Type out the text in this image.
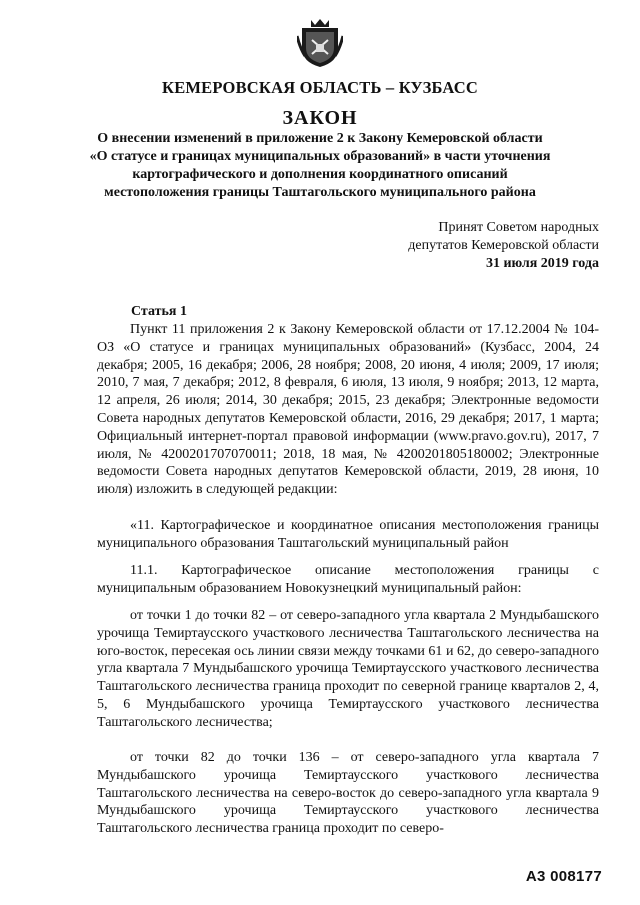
КЕМЕРОВСКАЯ ОБЛАСТЬ – КУЗБАСС
ЗАКОН
О внесении изменений в приложение 2 к Закону Кемеровской области
«О статусе и границах муниципальных образований» в части уточнения
картографического и дополнения координатного описаний
местоположения границы Таштагольского муниципального района
Принят Советом народных
депутатов Кемеровской области
31 июля 2019 года
Статья 1

Пункт 11 приложения 2 к Закону Кемеровской области от 17.12.2004 № 104-ОЗ «О статусе и границах муниципальных образований» (Кузбасс, 2004, 24 декабря; 2005, 16 декабря; 2006, 28 ноября; 2008, 20 июня, 4 июля; 2009, 17 июля; 2010, 7 мая, 7 декабря; 2012, 8 февраля, 6 июля, 13 июля, 9 ноября; 2013, 12 марта, 12 апреля, 26 июля; 2014, 30 декабря; 2015, 23 декабря; Электронные ведомости Совета народных депутатов Кемеровской области, 2016, 29 декабря; 2017, 1 марта; Официальный интернет-портал правовой информации (www.pravo.gov.ru), 2017, 7 июля, № 4200201707070011; 2018, 18 мая, № 4200201805180002; Электронные ведомости Совета народных депутатов Кемеровской области, 2019, 28 июня, 10 июля) изложить в следующей редакции:

«11. Картографическое и координатное описания местоположения границы муниципального образования Таштагольский муниципальный район

11.1. Картографическое описание местоположения границы с муниципальным образованием Новокузнецкий муниципальный район:

от точки 1 до точки 82 – от северо-западного угла квартала 2 Мундыбашского урочища Темиртаусского участкового лесничества Таштагольского лесничества на юго-восток, пересекая ось линии связи между точками 61 и 62, до северо-западного угла квартала 7 Мундыбашского урочища Темиртаусского участкового лесничества Таштагольского лесничества граница проходит по северной границе кварталов 2, 4, 5, 6 Мундыбашского урочища Темиртаусского участкового лесничества Таштагольского лесничества;

от точки 82 до точки 136 – от северо-западного угла квартала 7 Мундыбашского урочища Темиртаусского участкового лесничества Таштагольского лесничества на северо-восток до северо-западного угла квартала 9 Мундыбашского урочища Темиртаусского участкового лесничества Таштагольского лесничества граница проходит по северо-

А3 008177
